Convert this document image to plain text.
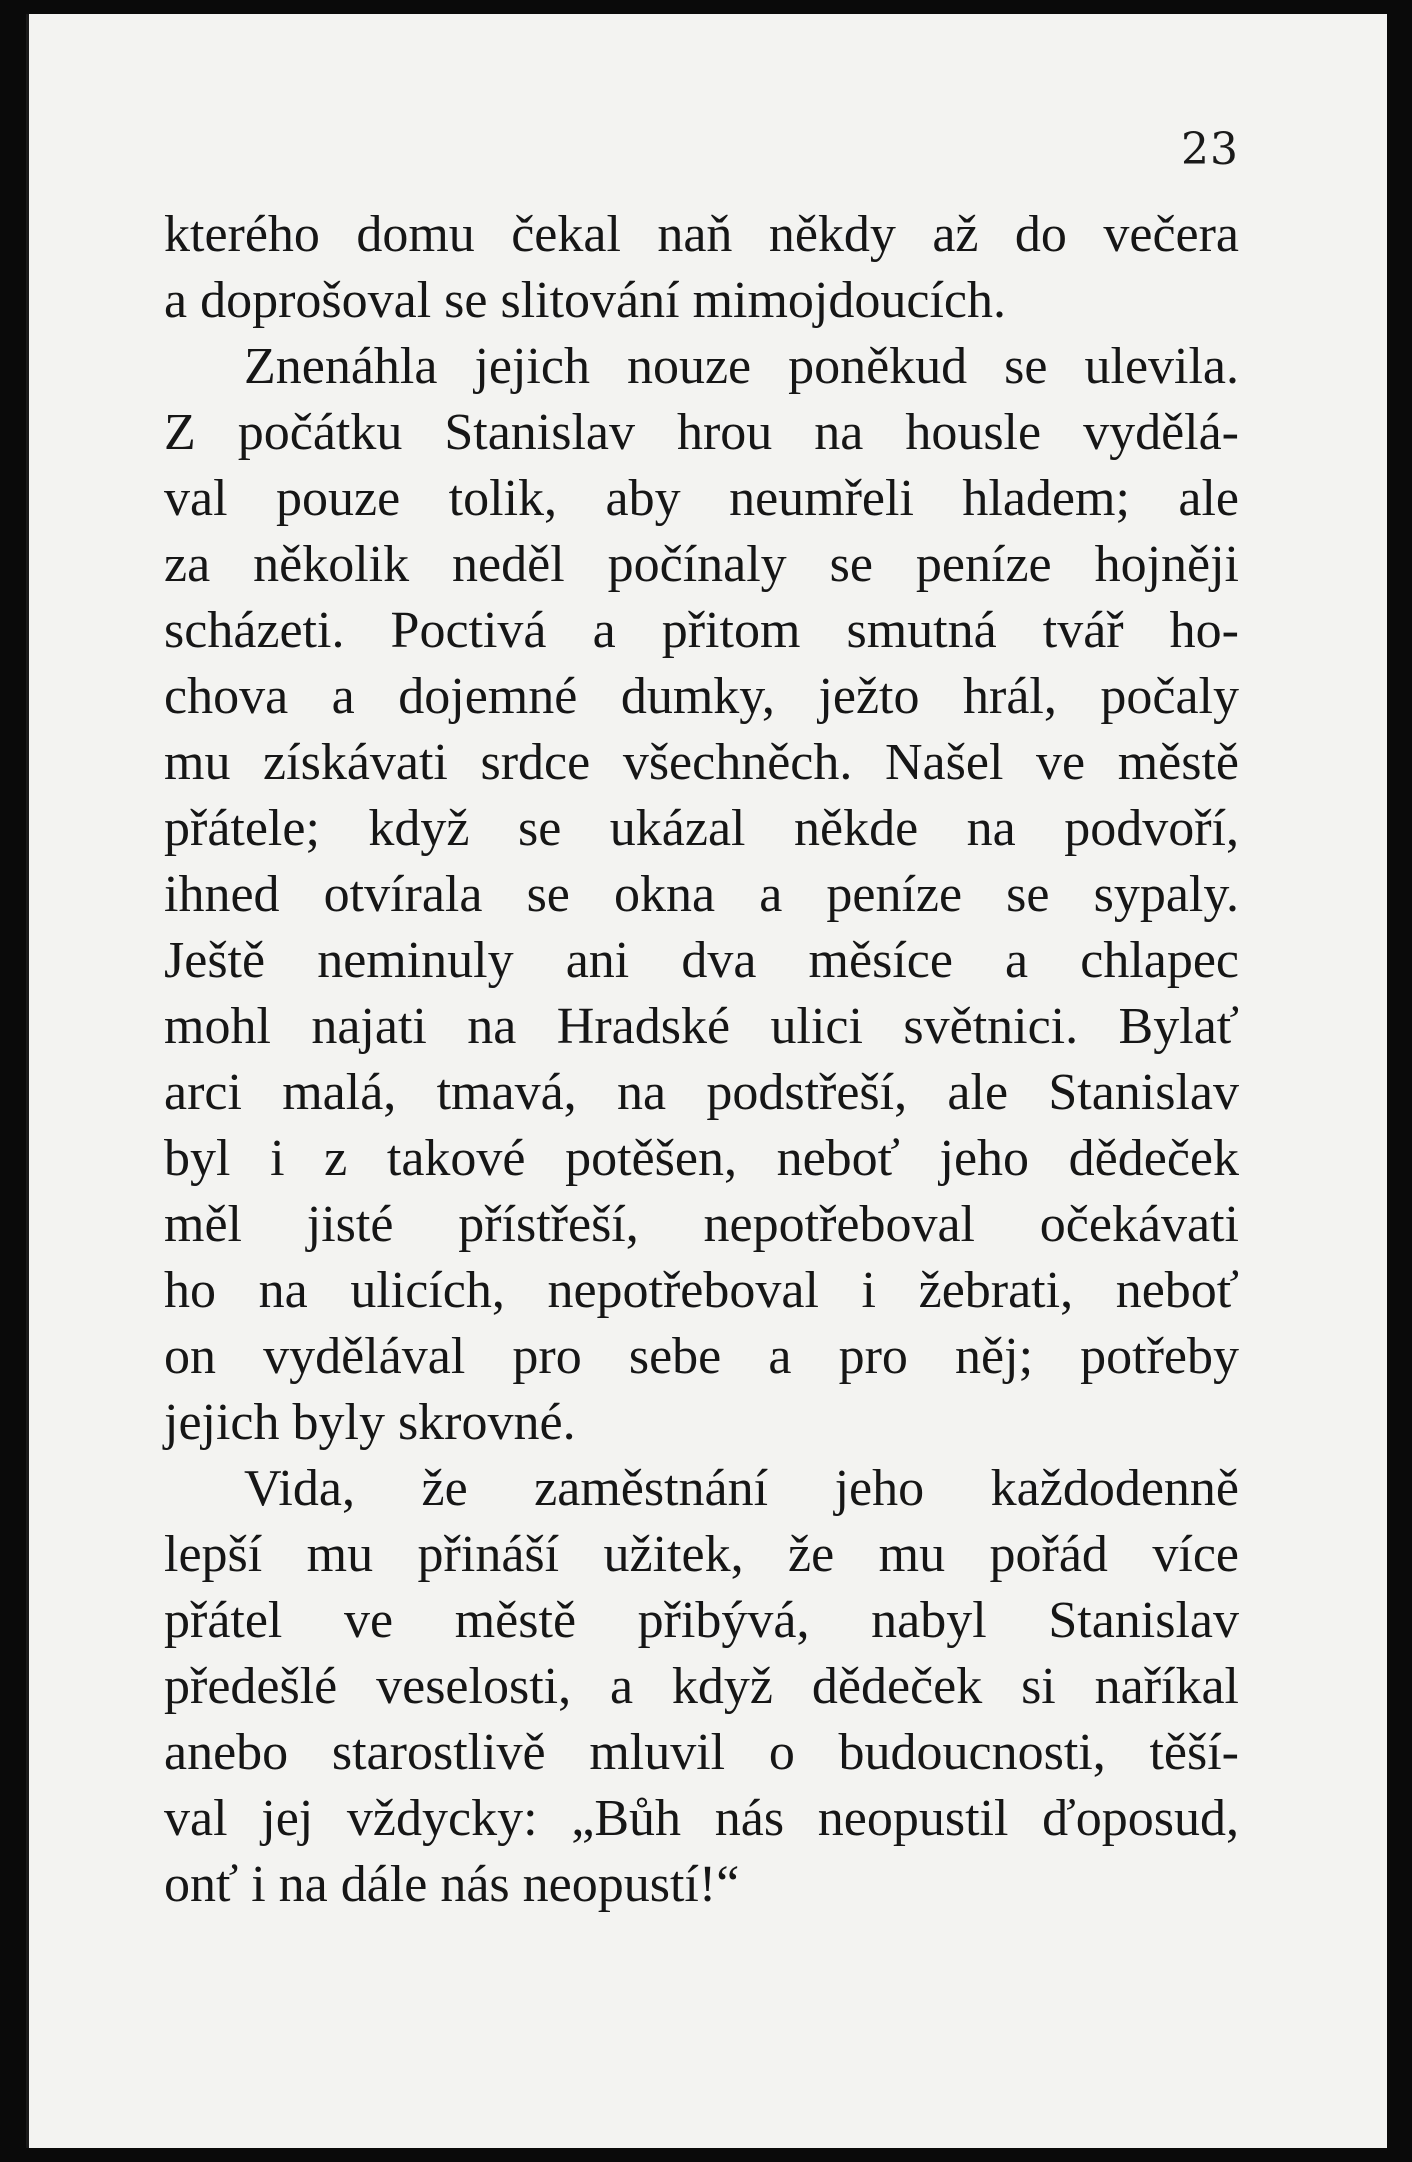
23
kterého domu čekal naň někdy až do večera
a doprošoval se slitování mimojdoucích.
Znenáhla jejich nouze poněkud se ulevila.
Z počátku Stanislav hrou na housle vydělá-
val pouze tolik, aby neumřeli hladem; ale
za několik neděl počínaly se peníze hojněji
scházeti. Poctivá a přitom smutná tvář ho-
chova a dojemné dumky, ježto hrál, počaly
mu získávati srdce všechněch. Našel ve městě
přátele; když se ukázal někde na podvoří,
ihned otvírala se okna a peníze se sypaly.
Ještě neminuly ani dva měsíce a chlapec
mohl najati na Hradské ulici světnici. Bylať
arci malá, tmavá, na podstřeší, ale Stanislav
byl i z takové potěšen, neboť jeho dědeček
měl jisté přístřeší, nepotřeboval očekávati
ho na ulicích, nepotřeboval i žebrati, neboť
on vydělával pro sebe a pro něj; potřeby
jejich byly skrovné.
Vida, že zaměstnání jeho každodenně
lepší mu přináší užitek, že mu pořád více
přátel ve městě přibývá, nabyl Stanislav
předešlé veselosti, a když dědeček si naříkal
anebo starostlivě mluvil o budoucnosti, těší-
val jej vždycky: „Bůh nás neopustil ďoposud,
onť i na dále nás neopustí!“
